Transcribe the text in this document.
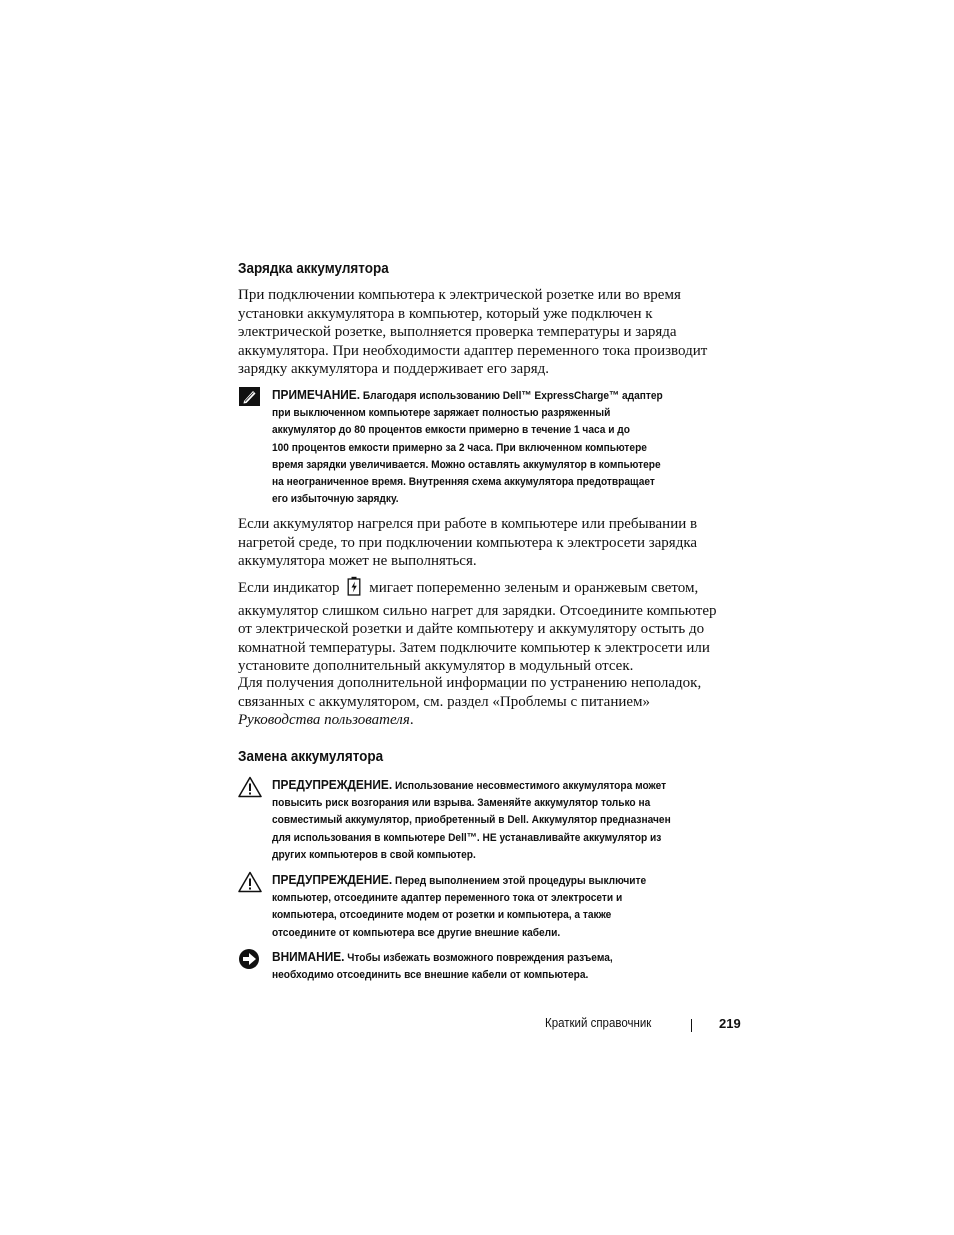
Зарядка аккумулятора
При подключении компьютера к электрической розетке или во время
установки аккумулятора в компьютер, который уже подключен к
электрической розетке, выполняется проверка температуры и заряда
аккумулятора. При необходимости адаптер переменного тока производит
зарядку аккумулятора и поддерживает его заряд.
ПРИМЕЧАНИЕ. Благодаря использованию Dell™ ExpressCharge™ адаптер
при выключенном компьютере заряжает полностью разряженный
аккумулятор до 80 процентов емкости примерно в течение 1 часа и до
100 процентов емкости примерно за 2 часа. При включенном компьютере
время зарядки увеличивается. Можно оставлять аккумулятор в компьютере
на неограниченное время. Внутренняя схема аккумулятора предотвращает
его избыточную зарядку.
Если аккумулятор нагрелся при работе в компьютере или пребывании в
нагретой среде, то при подключении компьютера к электросети зарядка
аккумулятора может не выполняться.
Если индикатор мигает попеременно зеленым и оранжевым светом,
аккумулятор слишком сильно нагрет для зарядки. Отсоедините компьютер
от электрической розетки и дайте компьютеру и аккумулятору остыть до
комнатной температуры. Затем подключите компьютер к электросети или
установите дополнительный аккумулятор в модульный отсек.
Для получения дополнительной информации по устранению неполадок,
связанных с аккумулятором, см. раздел «Проблемы с питанием»
Руководства пользователя.
Замена аккумулятора
ПРЕДУПРЕЖДЕНИЕ. Использование несовместимого аккумулятора может
повысить риск возгорания или взрыва. Заменяйте аккумулятор только на
совместимый аккумулятор, приобретенный в Dell. Аккумулятор предназначен
для использования в компьютере Dell™. НЕ устанавливайте аккумулятор из
других компьютеров в свой компьютер.
ПРЕДУПРЕЖДЕНИЕ. Перед выполнением этой процедуры выключите
компьютер, отсоедините адаптер переменного тока от электросети и
компьютера, отсоедините модем от розетки и компьютера, а также
отсоедините от компьютера все другие внешние кабели.
ВНИМАНИЕ. Чтобы избежать возможного повреждения разъема,
необходимо отсоединить все внешние кабели от компьютера.
Краткий справочник	219
